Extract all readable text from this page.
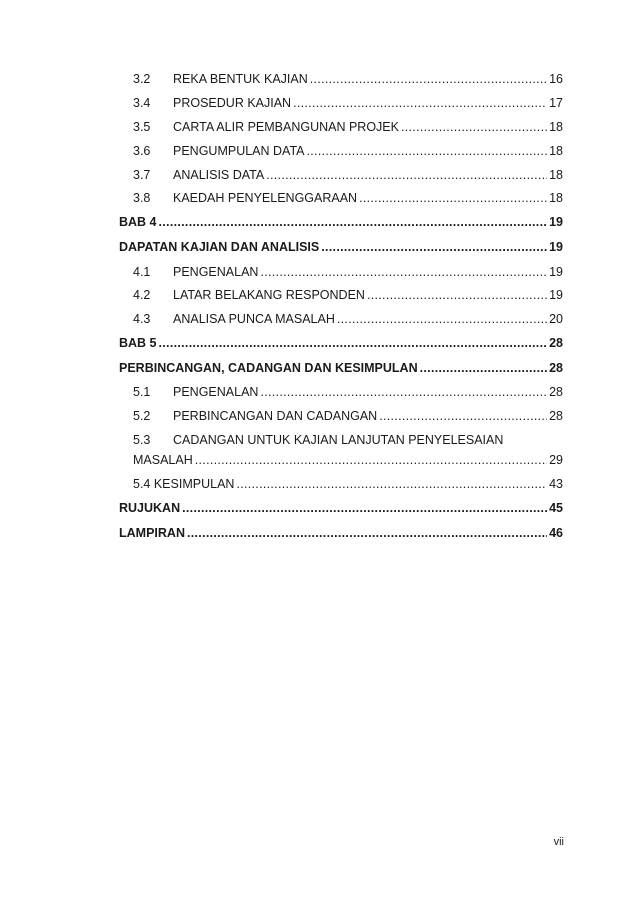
3.2	REKA BENTUK KAJIAN .....	16
3.4	PROSEDUR KAJIAN .....	17
3.5	CARTA ALIR PEMBANGUNAN PROJEK .....	18
3.6	PENGUMPULAN DATA .....	18
3.7	ANALISIS DATA .....	18
3.8	KAEDAH PENYELENGGARAAN .....	18
BAB 4 .....	19
DAPATAN KAJIAN DAN ANALISIS .....	19
4.1	PENGENALAN .....	19
4.2	LATAR BELAKANG RESPONDEN .....	19
4.3	ANALISA PUNCA MASALAH .....	20
BAB 5 .....	28
PERBINCANGAN, CADANGAN DAN KESIMPULAN .....	28
5.1	PENGENALAN .....	28
5.2	PERBINCANGAN DAN CADANGAN .....	28
5.3	CADANGAN UNTUK KAJIAN LANJUTAN PENYELESAIAN
MASALAH .....	29
5.4 KESIMPULAN .....	43
RUJUKAN .....	45
LAMPIRAN .....	46
vii
